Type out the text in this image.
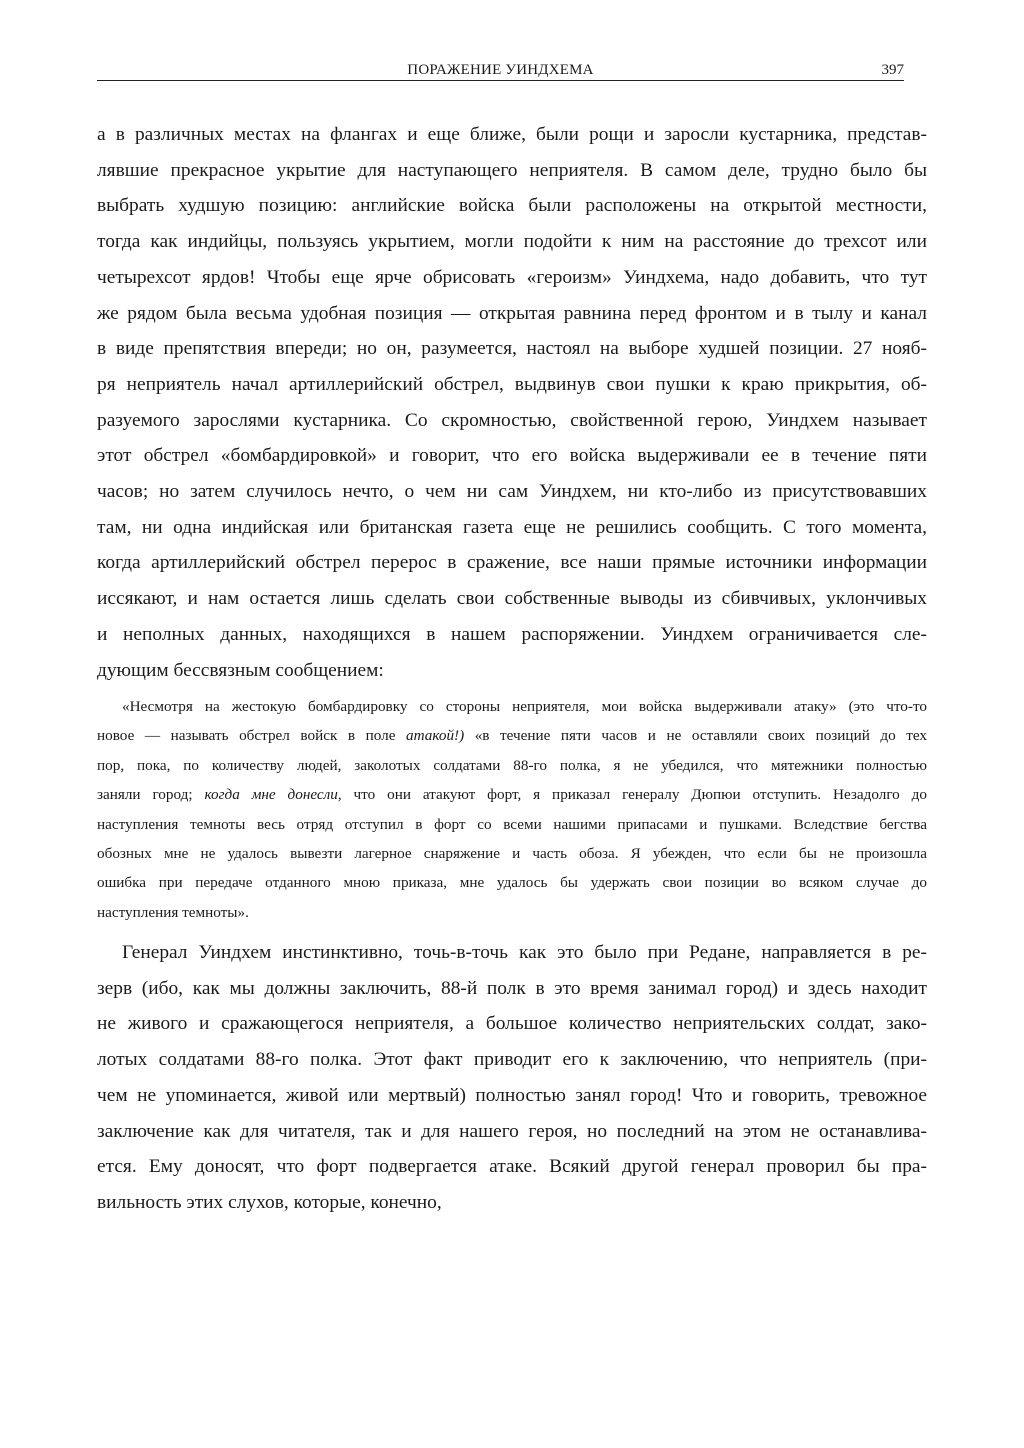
ПОРАЖЕНИЕ УИНДХЕМА	397
а в различных местах на флангах и еще ближе, были рощи и заросли кустарника, представ-
лявшие прекрасное укрытие для наступающего неприятеля. В самом деле, трудно было бы
выбрать худшую позицию: английские войска были расположены на открытой местности,
тогда как индийцы, пользуясь укрытием, могли подойти к ним на расстояние до трехсот или
четырехсот ярдов! Чтобы еще ярче обрисовать «героизм» Уиндхема, надо добавить, что тут
же рядом была весьма удобная позиция — открытая равнина перед фронтом и в тылу и канал
в виде препятствия впереди; но он, разумеется, настоял на выборе худшей позиции. 27 нояб-
ря неприятель начал артиллерийский обстрел, выдвинув свои пушки к краю прикрытия, об-
разуемого зарослями кустарника. Со скромностью, свойственной герою, Уиндхем называет
этот обстрел «бомбардировкой» и говорит, что его войска выдерживали ее в течение пяти
часов; но затем случилось нечто, о чем ни сам Уиндхем, ни кто-либо из присутствовавших
там, ни одна индийская или британская газета еще не решились сообщить. С того момента,
когда артиллерийский обстрел перерос в сражение, все наши прямые источники информации
иссякают, и нам остается лишь сделать свои собственные выводы из сбивчивых, уклончивых
и неполных данных, находящихся в нашем распоряжении. Уиндхем ограничивается сле-
дующим бессвязным сообщением:
«Несмотря на жестокую бомбардировку со стороны неприятеля, мои войска выдерживали атаку» (это что-то
новое — называть обстрел войск в поле атакой!) «в течение пяти часов и не оставляли своих позиций до тех
пор, пока, по количеству людей, заколотых солдатами 88-го полка, я не убедился, что мятежники полностью
заняли город; когда мне донесли, что они атакуют форт, я приказал генералу Дюпюи отступить. Незадолго до
наступления темноты весь отряд отступил в форт со всеми нашими припасами и пушками. Вследствие бегства
обозных мне не удалось вывезти лагерное снаряжение и часть обоза. Я убежден, что если бы не произошла
ошибка при передаче отданного мною приказа, мне удалось бы удержать свои позиции во всяком случае до
наступления темноты».
Генерал Уиндхем инстинктивно, точь-в-точь как это было при Редане, направляется в ре-
зерв (ибо, как мы должны заключить, 88-й полк в это время занимал город) и здесь находит
не живого и сражающегося неприятеля, а большое количество неприятельских солдат, зако-
лотых солдатами 88-го полка. Этот факт приводит его к заключению, что неприятель (при-
чем не упоминается, живой или мертвый) полностью занял город! Что и говорить, тревожное
заключение как для читателя, так и для нашего героя, но последний на этом не останавлива-
ется. Ему доносят, что форт подвергается атаке. Всякий другой генерал проворил бы пра-
вильность этих слухов, которые, конечно,
